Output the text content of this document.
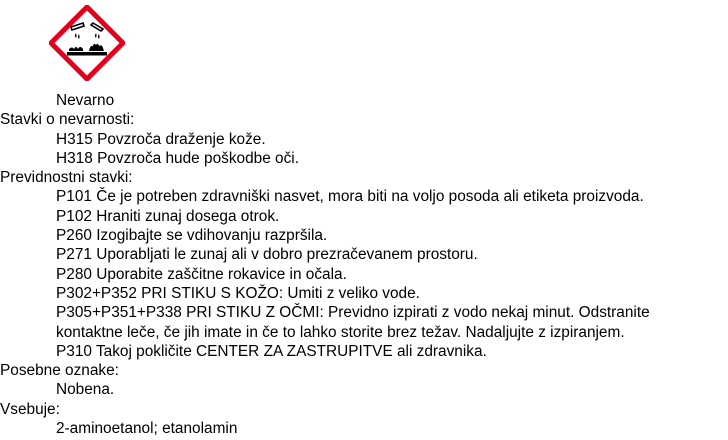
Nevarno
Stavki o nevarnosti:
H315 Povzroča draženje kože.
H318 Povzroča hude poškodbe oči.
Previdnostni stavki:
P101 Če je potreben zdravniški nasvet, mora biti na voljo posoda ali etiketa proizvoda.
P102 Hraniti zunaj dosega otrok.
P260 Izogibajte se vdihovanju razpršila.
P271 Uporabljati le zunaj ali v dobro prezračevanem prostoru.
P280 Uporabite zaščitne rokavice in očala.
P302+P352 PRI STIKU S KOŽO: Umiti z veliko vode.
P305+P351+P338 PRI STIKU Z OČMI: Previdno izpirati z vodo nekaj minut. Odstranite
kontaktne leče, če jih imate in če to lahko storite brez težav. Nadaljujte z izpiranjem.
P310 Takoj pokličite CENTER ZA ZASTRUPITVE ali zdravnika.
Posebne oznake:
Nobena.
Vsebuje:
2-aminoetanol; etanolamin
